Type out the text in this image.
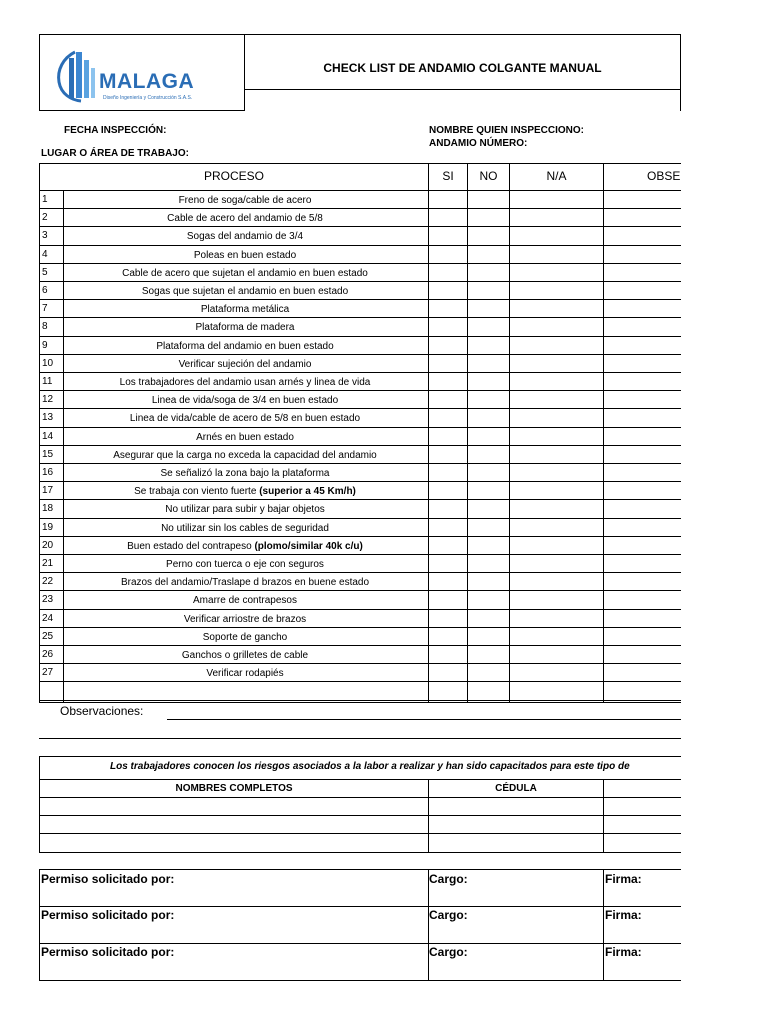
MALAGA
Diseño Ingeniería y Construcción S.A.S.
CHECK LIST DE ANDAMIO COLGANTE MANUAL
FECHA INSPECCIÓN:	NOMBRE QUIEN INSPECCIONO:
ANDAMIO NÚMERO:
LUGAR O ÁREA DE TRABAJO:
PROCESO	SI	NO	N/A	OBSE
1	Freno de soga/cable de acero
2	Cable de acero del andamio de 5/8
3	Sogas del andamio de 3/4
4	Poleas en buen estado
5	Cable de acero que sujetan el andamio en buen estado
6	Sogas que sujetan el andamio en buen estado
7	Plataforma metálica
8	Plataforma de madera
9	Plataforma del andamio en buen estado
10	Verificar sujeción del andamio
11	Los trabajadores del andamio usan arnés y linea de vida
12	Linea de vida/soga de 3/4 en buen estado
13	Linea de vida/cable de acero de 5/8 en buen estado
14	Arnés en buen estado
15	Asegurar que la carga no exceda la capacidad del andamio
16	Se señalizó la zona bajo la plataforma
17	Se trabaja con viento fuerte (superior a 45 Km/h)
18	No utilizar para subir y bajar objetos
19	No utilizar sin los cables de seguridad
20	Buen estado del contrapeso (plomo/similar 40k c/u)
21	Perno con tuerca o eje con seguros
22	Brazos del andamio/Traslape d brazos en buene estado
23	Amarre de contrapesos
24	Verificar arriostre de brazos
25	Soporte de gancho
26	Ganchos o grilletes de cable
27	Verificar rodapiés
Observaciones:
Los trabajadores conocen los riesgos asociados a la labor a realizar y han sido capacitados para este tipo de
NOMBRES COMPLETOS	CÉDULA
Permiso solicitado por:	Cargo:	Firma:
Permiso solicitado por:	Cargo:	Firma:
Permiso solicitado por:	Cargo:	Firma:
